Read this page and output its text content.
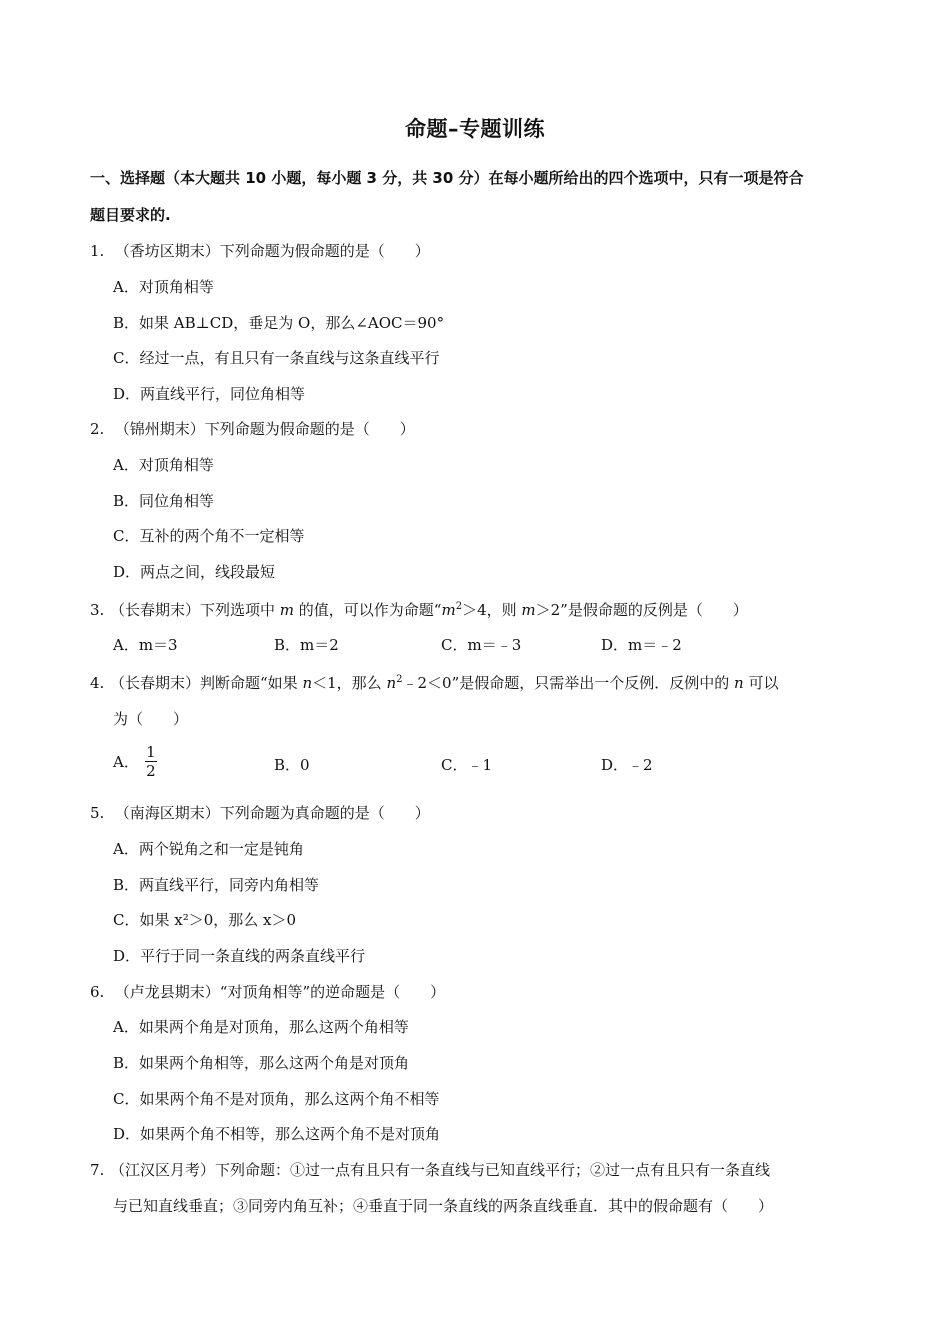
命题–专题训练
一、选择题（本大题共 10 小题，每小题 3 分，共 30 分）在每小题所给出的四个选项中，只有一项是符合
题目要求的.
1. （香坊区期末）下列命题为假命题的是（　　）
A．对顶角相等
B．如果 AB⊥CD，垂足为 O，那么∠AOC＝90°
C．经过一点，有且只有一条直线与这条直线平行
D．两直线平行，同位角相等
2. （锦州期末）下列命题为假命题的是（　　）
A．对顶角相等
B．同位角相等
C．互补的两个角不一定相等
D．两点之间，线段最短
3. （长春期末）下列选项中 m 的值，可以作为命题“$m^2>4$，则 m＞2”是假命题的反例是（　　）
A．m＝3	B．m＝2	C．m＝﹣3	D．m＝﹣2
4. （长春期末）判断命题“如果 n＜1，那么 $n^2﹣2<0$”是假命题，只需举出一个反例．反例中的 n 可以
为（　　）
A． $\frac{1}{2}$	B．0	C．﹣1	D．﹣2
5. （南海区期末）下列命题为真命题的是（　　）
A．两个锐角之和一定是钝角
B．两直线平行，同旁内角相等
C．如果 x²＞0，那么 x＞0
D．平行于同一条直线的两条直线平行
6. （卢龙县期末）“对顶角相等”的逆命题是（　　）
A．如果两个角是对顶角，那么这两个角相等
B．如果两个角相等，那么这两个角是对顶角
C．如果两个角不是对顶角，那么这两个角不相等
D．如果两个角不相等，那么这两个角不是对顶角
7. （江汉区月考）下列命题：①过一点有且只有一条直线与已知直线平行；②过一点有且只有一条直线
与已知直线垂直；③同旁内角互补；④垂直于同一条直线的两条直线垂直．其中的假命题有（　　）
